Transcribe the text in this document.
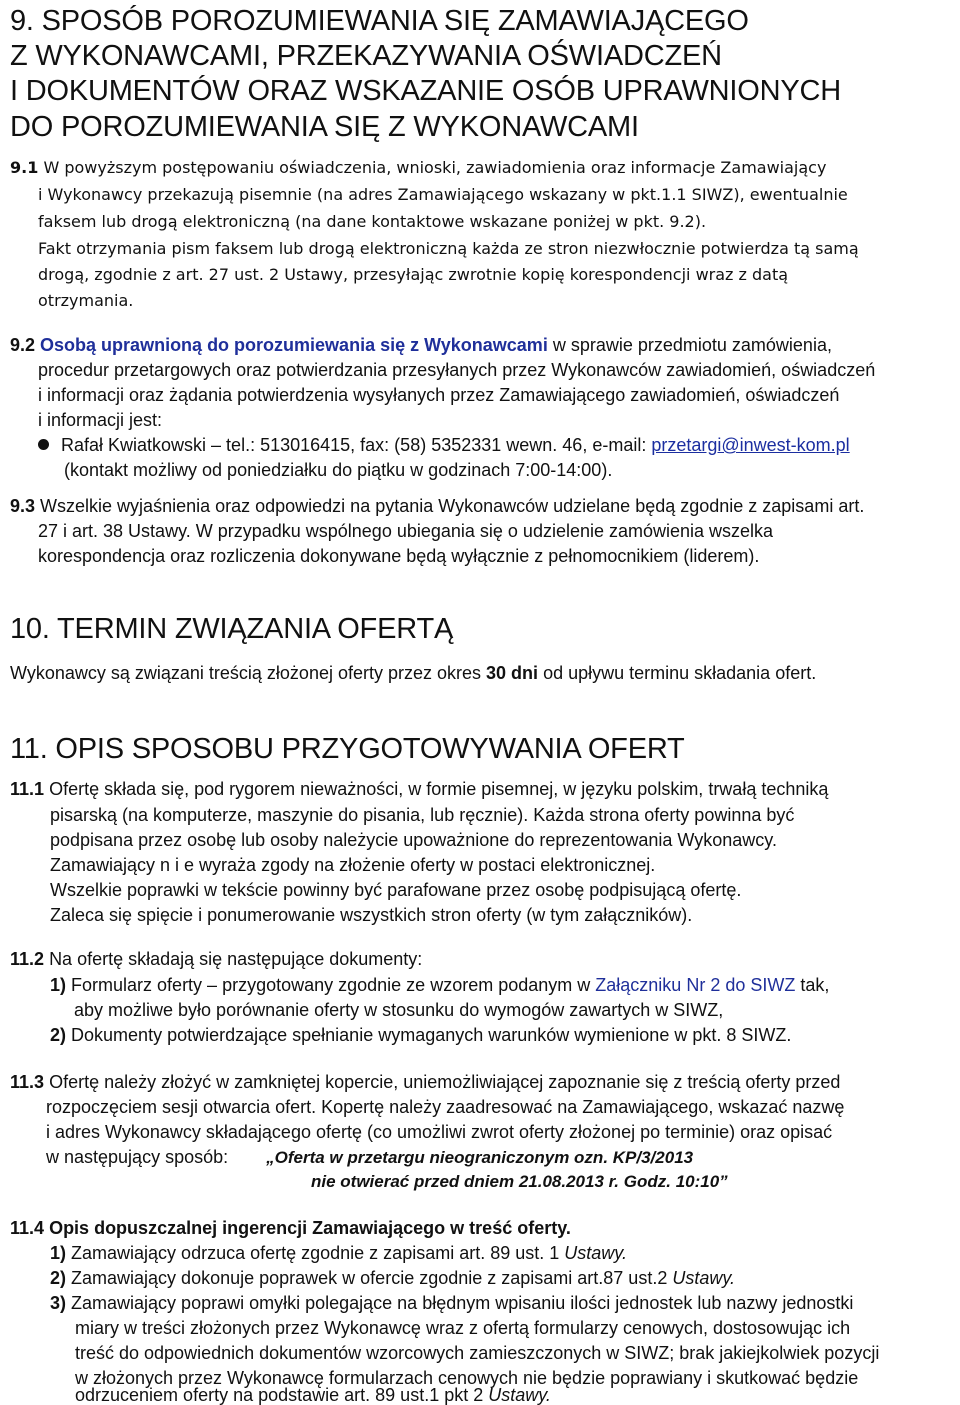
9. SPOSÓB POROZUMIEWANIA SIĘ ZAMAWIAJĄCEGO
Z WYKONAWCAMI, PRZEKAZYWANIA OŚWIADCZEŃ
I DOKUMENTÓW ORAZ WSKAZANIE OSÓB UPRAWNIONYCH
DO POROZUMIEWANIA SIĘ Z WYKONAWCAMI
9.1 W powyższym postępowaniu oświadczenia, wnioski, zawiadomienia oraz informacje Zamawiający
i Wykonawcy przekazują pisemnie (na adres Zamawiającego wskazany w pkt.1.1 SIWZ), ewentualnie
faksem lub drogą elektroniczną (na dane kontaktowe wskazane poniżej w pkt. 9.2).
Fakt otrzymania pism faksem lub drogą elektroniczną każda ze stron niezwłocznie potwierdza tą samą
drogą, zgodnie z art. 27 ust. 2 Ustawy, przesyłając zwrotnie kopię korespondencji wraz z datą
otrzymania.
9.2 Osobą uprawnioną do porozumiewania się z Wykonawcami w sprawie przedmiotu zamówienia,
procedur przetargowych oraz potwierdzania przesyłanych przez Wykonawców zawiadomień, oświadczeń
i informacji oraz żądania potwierdzenia wysyłanych przez Zamawiającego zawiadomień, oświadczeń
i informacji jest:
Rafał Kwiatkowski – tel.: 513016415, fax: (58) 5352331 wewn. 46, e-mail: przetargi@inwest-kom.pl
(kontakt możliwy od poniedziałku do piątku w godzinach 7:00-14:00).
9.3 Wszelkie wyjaśnienia oraz odpowiedzi na pytania Wykonawców udzielane będą zgodnie z zapisami art.
27 i art. 38 Ustawy. W przypadku wspólnego ubiegania się o udzielenie zamówienia wszelka
korespondencja oraz rozliczenia dokonywane będą wyłącznie z pełnomocnikiem (liderem).
10. TERMIN ZWIĄZANIA OFERTĄ
Wykonawcy są związani treścią złożonej oferty przez okres 30 dni od upływu terminu składania ofert.
11. OPIS SPOSOBU PRZYGOTOWYWANIA OFERT
11.1 Ofertę składa się, pod rygorem nieważności, w formie pisemnej, w języku polskim, trwałą techniką
pisarską (na komputerze, maszynie do pisania, lub ręcznie). Każda strona oferty powinna być
podpisana przez osobę lub osoby należycie upoważnione do reprezentowania Wykonawcy.
Zamawiający n i e wyraża zgody na złożenie oferty w postaci elektronicznej.
Wszelkie poprawki w tekście powinny być parafowane przez osobę podpisującą ofertę.
Zaleca się spięcie i ponumerowanie wszystkich stron oferty (w tym załączników).
11.2 Na ofertę składają się następujące dokumenty:
1) Formularz oferty – przygotowany zgodnie ze wzorem podanym w Załączniku Nr 2 do SIWZ tak,
aby możliwe było porównanie oferty w stosunku do wymogów zawartych w SIWZ,
2) Dokumenty potwierdzające spełnianie wymaganych warunków wymienione w pkt. 8 SIWZ.
11.3 Ofertę należy złożyć w zamkniętej kopercie, uniemożliwiającej zapoznanie się z treścią oferty przed
rozpoczęciem sesji otwarcia ofert. Kopertę należy zaadresować na Zamawiającego, wskazać nazwę
i adres Wykonawcy składającego ofertę (co umożliwi zwrot oferty złożonej po terminie) oraz opisać
w następujący sposób: „Oferta w przetargu nieograniczonym ozn. KP/3/2013
nie otwierać przed dniem 21.08.2013 r. Godz. 10:10”
11.4 Opis dopuszczalnej ingerencji Zamawiającego w treść oferty.
1) Zamawiający odrzuca ofertę zgodnie z zapisami art. 89 ust. 1 Ustawy.
2) Zamawiający dokonuje poprawek w ofercie zgodnie z zapisami art.87 ust.2 Ustawy.
3) Zamawiający poprawi omyłki polegające na błędnym wpisaniu ilości jednostek lub nazwy jednostki
miary w treści złożonych przez Wykonawcę wraz z ofertą formularzy cenowych, dostosowując ich
treść do odpowiednich dokumentów wzorcowych zamieszczonych w SIWZ; brak jakiejkolwiek pozycji
w złożonych przez Wykonawcę formularzach cenowych nie będzie poprawiany i skutkować będzie
odrzuceniem oferty na podstawie art. 89 ust.1 pkt 2 Ustawy.
